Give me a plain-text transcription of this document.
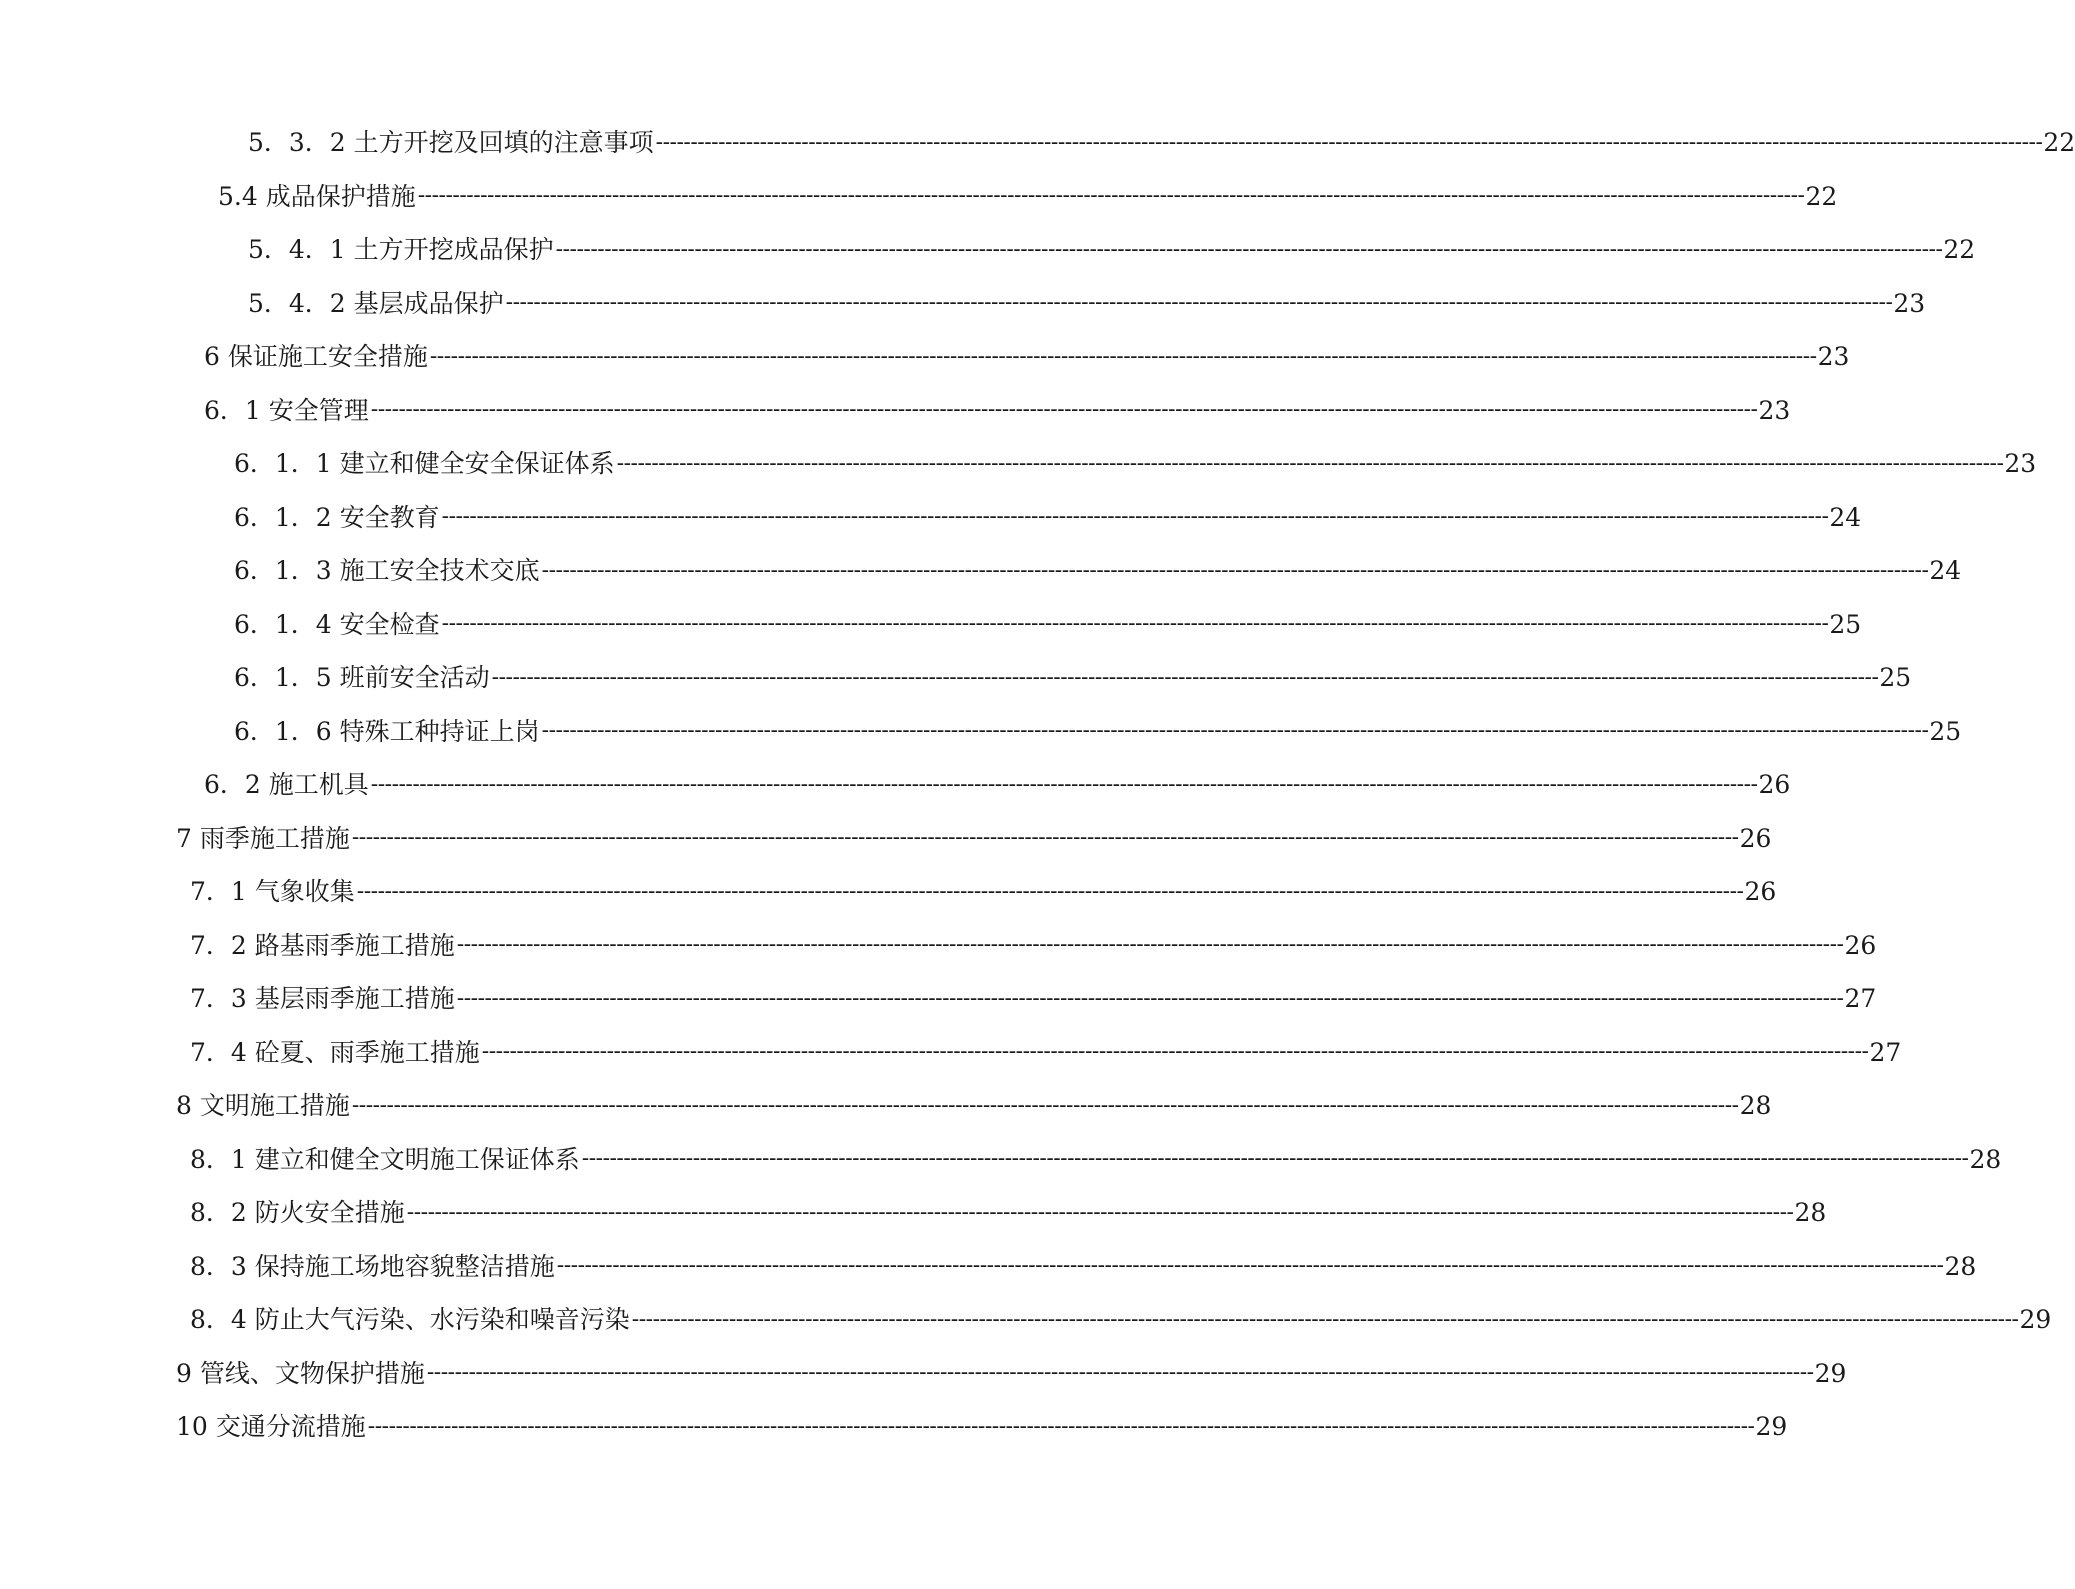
5．3．2 土方开挖及回填的注意事项 -------------------------------------------------------------------------------------------------------------------------------------------------------------------------------------------------------- 22
5.4 成品保护措施 -------------------------------------------------------------------------------------------------------------------------------------------------------------------------------------------------------- 22
5．4．1 土方开挖成品保护 -------------------------------------------------------------------------------------------------------------------------------------------------------------------------------------------------------- 22
5．4．2 基层成品保护 -------------------------------------------------------------------------------------------------------------------------------------------------------------------------------------------------------- 23
6 保证施工安全措施 -------------------------------------------------------------------------------------------------------------------------------------------------------------------------------------------------------- 23
6．1 安全管理 -------------------------------------------------------------------------------------------------------------------------------------------------------------------------------------------------------- 23
6．1．1 建立和健全安全保证体系 -------------------------------------------------------------------------------------------------------------------------------------------------------------------------------------------------------- 23
6．1．2 安全教育 -------------------------------------------------------------------------------------------------------------------------------------------------------------------------------------------------------- 24
6．1．3 施工安全技术交底 -------------------------------------------------------------------------------------------------------------------------------------------------------------------------------------------------------- 24
6．1．4 安全检查 -------------------------------------------------------------------------------------------------------------------------------------------------------------------------------------------------------- 25
6．1．5 班前安全活动 -------------------------------------------------------------------------------------------------------------------------------------------------------------------------------------------------------- 25
6．1．6 特殊工种持证上岗 -------------------------------------------------------------------------------------------------------------------------------------------------------------------------------------------------------- 25
6．2 施工机具 -------------------------------------------------------------------------------------------------------------------------------------------------------------------------------------------------------- 26
7 雨季施工措施 -------------------------------------------------------------------------------------------------------------------------------------------------------------------------------------------------------- 26
7．1 气象收集 -------------------------------------------------------------------------------------------------------------------------------------------------------------------------------------------------------- 26
7．2 路基雨季施工措施 -------------------------------------------------------------------------------------------------------------------------------------------------------------------------------------------------------- 26
7．3 基层雨季施工措施 -------------------------------------------------------------------------------------------------------------------------------------------------------------------------------------------------------- 27
7．4 砼夏、雨季施工措施 -------------------------------------------------------------------------------------------------------------------------------------------------------------------------------------------------------- 27
8 文明施工措施 -------------------------------------------------------------------------------------------------------------------------------------------------------------------------------------------------------- 28
8．1 建立和健全文明施工保证体系 -------------------------------------------------------------------------------------------------------------------------------------------------------------------------------------------------------- 28
8．2 防火安全措施 -------------------------------------------------------------------------------------------------------------------------------------------------------------------------------------------------------- 28
8．3 保持施工场地容貌整洁措施 -------------------------------------------------------------------------------------------------------------------------------------------------------------------------------------------------------- 28
8．4 防止大气污染、水污染和噪音污染 -------------------------------------------------------------------------------------------------------------------------------------------------------------------------------------------------------- 29
9 管线、文物保护措施 -------------------------------------------------------------------------------------------------------------------------------------------------------------------------------------------------------- 29
10 交通分流措施 -------------------------------------------------------------------------------------------------------------------------------------------------------------------------------------------------------- 29
